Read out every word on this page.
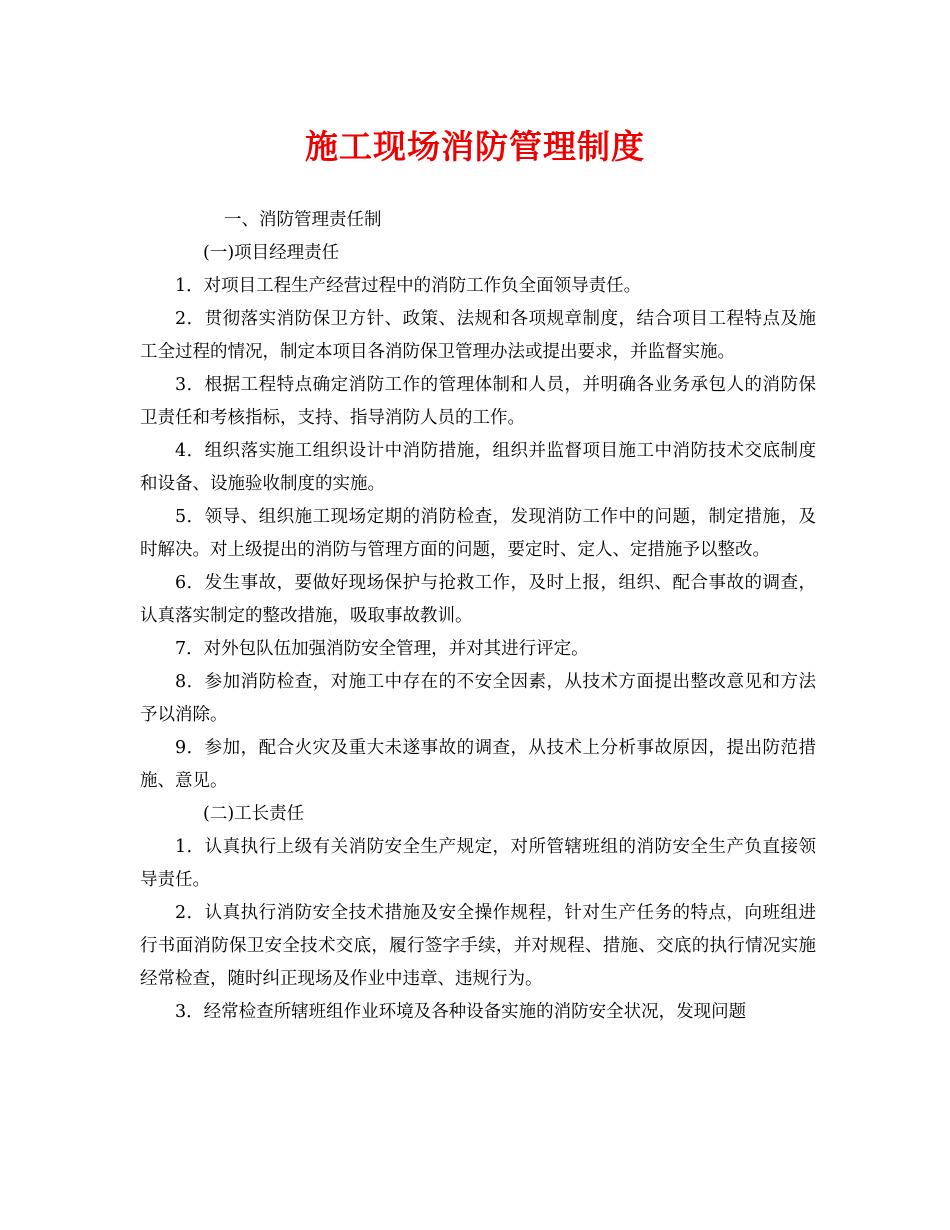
施工现场消防管理制度

一、消防管理责任制

(一)项目经理责任

1．对项目工程生产经营过程中的消防工作负全面领导责任。

2．贯彻落实消防保卫方针、政策、法规和各项规章制度，结合项目工程特点及施工全过程的情况，制定本项目各消防保卫管理办法或提出要求，并监督实施。

3．根据工程特点确定消防工作的管理体制和人员，并明确各业务承包人的消防保卫责任和考核指标，支持、指导消防人员的工作。

4．组织落实施工组织设计中消防措施，组织并监督项目施工中消防技术交底制度和设备、设施验收制度的实施。

5．领导、组织施工现场定期的消防检查，发现消防工作中的问题，制定措施，及时解决。对上级提出的消防与管理方面的问题，要定时、定人、定措施予以整改。

6．发生事故，要做好现场保护与抢救工作，及时上报，组织、配合事故的调查，认真落实制定的整改措施，吸取事故教训。

7．对外包队伍加强消防安全管理，并对其进行评定。

8．参加消防检查，对施工中存在的不安全因素，从技术方面提出整改意见和方法予以消除。

9．参加，配合火灾及重大未遂事故的调查，从技术上分析事故原因，提出防范措施、意见。

(二)工长责任

1．认真执行上级有关消防安全生产规定，对所管辖班组的消防安全生产负直接领导责任。

2．认真执行消防安全技术措施及安全操作规程，针对生产任务的特点，向班组进行书面消防保卫安全技术交底，履行签字手续，并对规程、措施、交底的执行情况实施经常检查，随时纠正现场及作业中违章、违规行为。

3．经常检查所辖班组作业环境及各种设备实施的消防安全状况，发现问题
